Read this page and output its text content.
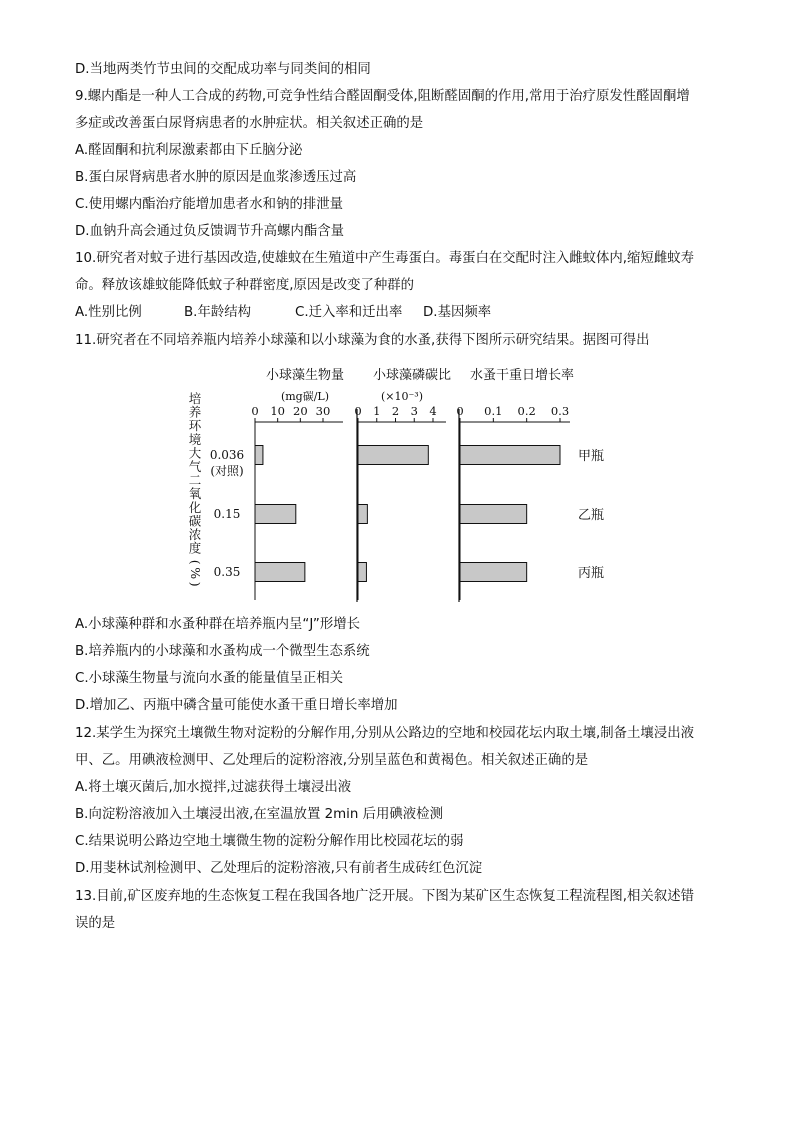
D.当地两类竹节虫间的交配成功率与同类间的相同
9.螺内酯是一种人工合成的药物,可竞争性结合醛固酮受体,阻断醛固酮的作用,常用于治疗原发性醛固酮增
多症或改善蛋白尿肾病患者的水肿症状。相关叙述正确的是
A.醛固酮和抗利尿激素都由下丘脑分泌
B.蛋白尿肾病患者水肿的原因是血浆渗透压过高
C.使用螺内酯治疗能增加患者水和钠的排泄量
D.血钠升高会通过负反馈调节升高螺内酯含量
10.研究者对蚊子进行基因改造,使雄蚊在生殖道中产生毒蛋白。毒蛋白在交配时注入雌蚊体内,缩短雌蚊寿
命。释放该雄蚊能降低蚊子种群密度,原因是改变了种群的
A.性别比例	B.年龄结构	C.迁入率和迁出率 D.基因频率
11.研究者在不同培养瓶内培养小球藻和以小球藻为食的水蚤,获得下图所示研究结果。据图可得出
培
养
环
境
大
气
二
氧
化
碳
浓
度
(
%
)
小球藻生物量
(mg碳/L)
0 10 20 30
小球藻磷碳比
(×10⁻³)
0 1 2 3 4
水蚤干重日增长率
0 0.1 0.2 0.3
0.036
0.15
0.35
(对照)
甲瓶
乙瓶
丙瓶
A.小球藻种群和水蚤种群在培养瓶内呈“J”形增长
B.培养瓶内的小球藻和水蚤构成一个微型生态系统
C.小球藻生物量与流向水蚤的能量值呈正相关
D.增加乙、丙瓶中磷含量可能使水蚤干重日增长率增加
12.某学生为探究土壤微生物对淀粉的分解作用,分别从公路边的空地和校园花坛内取土壤,制备土壤浸出液
甲、乙。用碘液检测甲、乙处理后的淀粉溶液,分别呈蓝色和黄褐色。相关叙述正确的是
A.将土壤灭菌后,加水搅拌,过滤获得土壤浸出液
B.向淀粉溶液加入土壤浸出液,在室温放置 2min 后用碘液检测
C.结果说明公路边空地土壤微生物的淀粉分解作用比校园花坛的弱
D.用斐林试剂检测甲、乙处理后的淀粉溶液,只有前者生成砖红色沉淀
13.目前,矿区废弃地的生态恢复工程在我国各地广泛开展。下图为某矿区生态恢复工程流程图,相关叙述错
误的是
